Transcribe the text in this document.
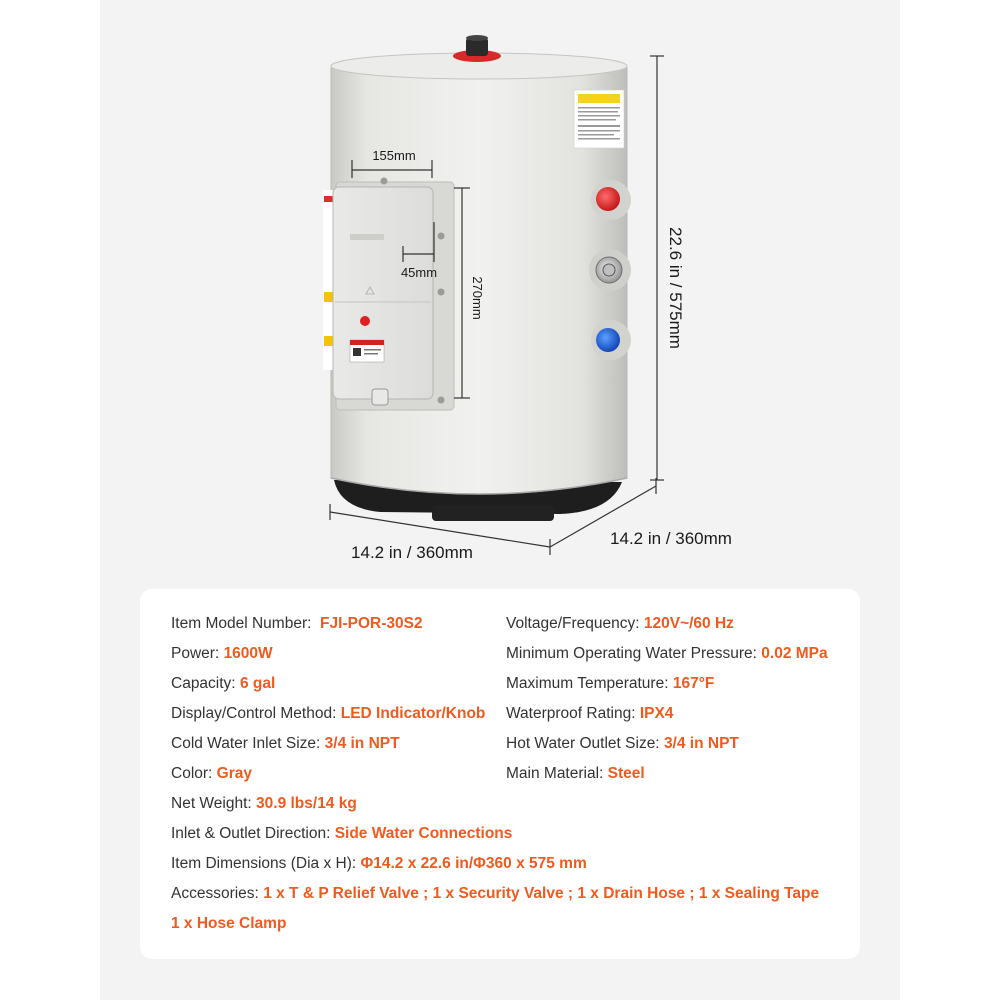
155mm
45mm
270mm	22.6 in / 575mm
14.2 in / 360mm
14.2 in / 360mm
Item Model Number: FJI-POR-30S2
Power: 1600W
Capacity: 6 gal
Display/Control Method: LED Indicator/Knob
Cold Water Inlet Size: 3/4 in NPT
Color: Gray
Net Weight: 30.9 lbs/14 kg
Inlet & Outlet Direction: Side Water Connections
Item Dimensions (Dia x H): Φ14.2 x 22.6 in/Φ360 x 575 mm
Accessories: 1 x T & P Relief Valve ; 1 x Security Valve ; 1 x Drain Hose ; 1 x Sealing Tape
1 x Hose Clamp
Voltage/Frequency: 120V~/60 Hz
Minimum Operating Water Pressure: 0.02 MPa
Maximum Temperature: 167°F
Waterproof Rating: IPX4
Hot Water Outlet Size: 3/4 in NPT
Main Material: Steel
